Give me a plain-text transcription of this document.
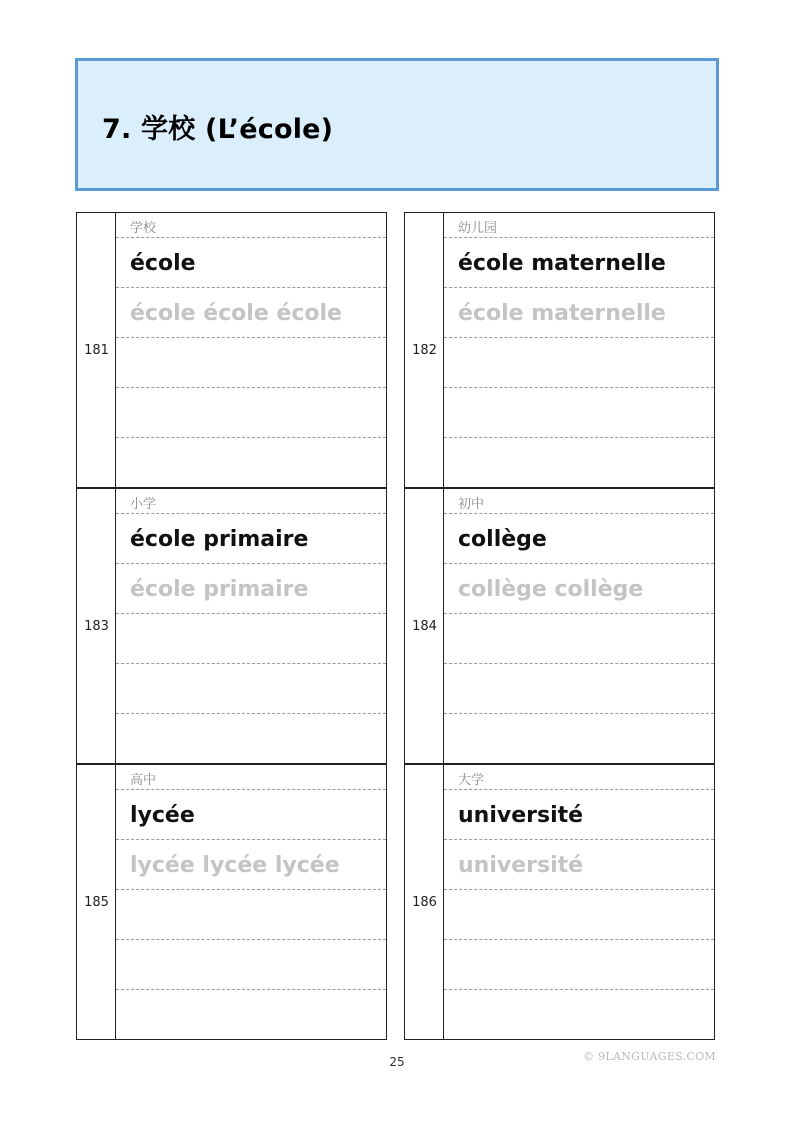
7. 学校 (L’école)
181
学校
école
école école école
182
幼儿园
école maternelle
école maternelle
183
小学
école primaire
école primaire
184
初中
collège
collège collège
185
高中
lycée
lycée lycée lycée
186
大学
université
université
© 9LANGUAGES.COM
25
